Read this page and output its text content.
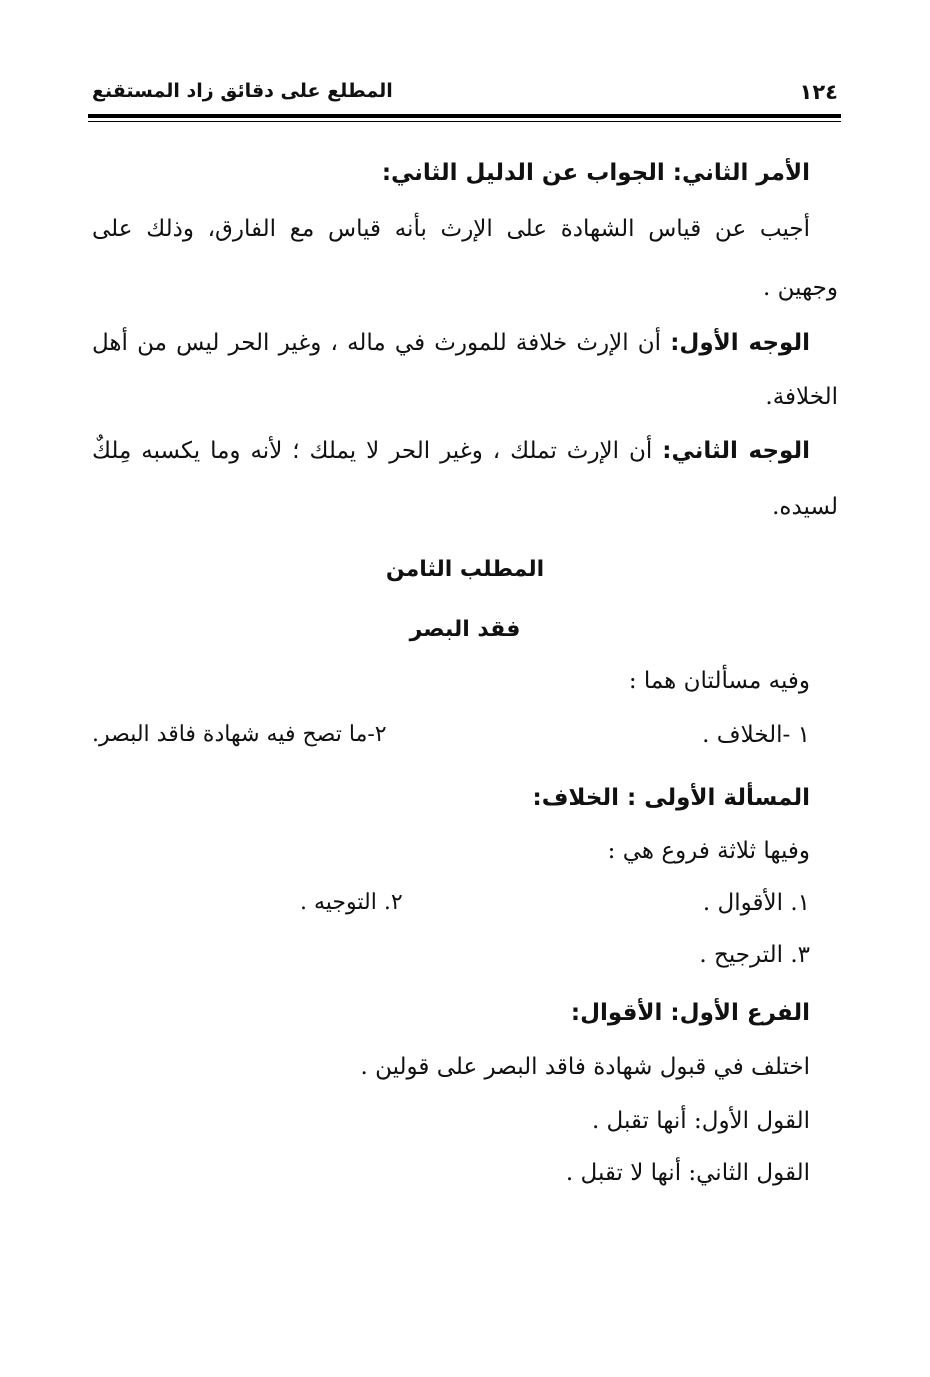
١٢٤
المطلع على دقائق زاد المستقنع
الأمر الثاني: الجواب عن الدليل الثاني:
أجيب عن قياس الشهادة على الإرث بأنه قياس مع الفارق، وذلك على
وجهين .
الوجه الأول: أن الإرث خلافة للمورث في ماله ، وغير الحر ليس من أهل
الخلافة.
الوجه الثاني: أن الإرث تملك ، وغير الحر لا يملك ؛ لأنه وما يكسبه مِلكٌ
لسيده.
المطلب الثامن
فقد البصر
وفيه مسألتان هما :
١ -الخلاف .
٢-ما تصح فيه شهادة فاقد البصر.
المسألة الأولى : الخلاف:
وفيها ثلاثة فروع هي :
١. الأقوال .
٢. التوجيه .
٣. الترجيح .
الفرع الأول: الأقوال:
اختلف في قبول شهادة فاقد البصر على قولين .
القول الأول: أنها تقبل .
القول الثاني: أنها لا تقبل .
